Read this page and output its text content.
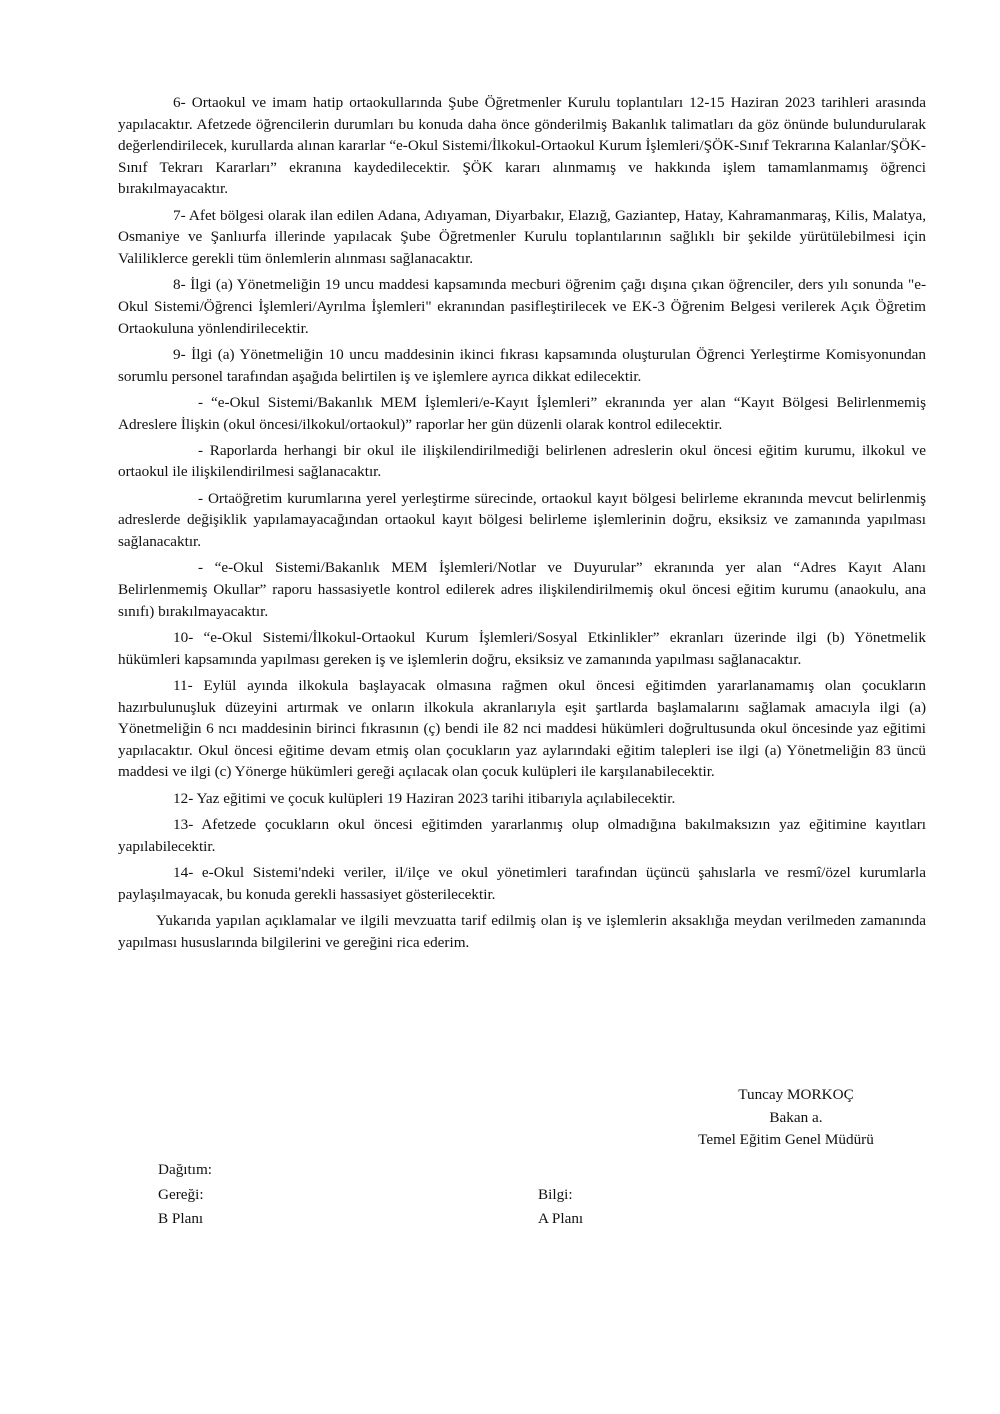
6- Ortaokul ve imam hatip ortaokullarında Şube Öğretmenler Kurulu toplantıları 12-15 Haziran 2023 tarihleri arasında yapılacaktır. Afetzede öğrencilerin durumları bu konuda daha önce gönderilmiş Bakanlık talimatları da göz önünde bulundurularak değerlendirilecek, kurullarda alınan kararlar “e-Okul Sistemi/İlkokul-Ortaokul Kurum İşlemleri/ŞÖK-Sınıf Tekrarına Kalanlar/ŞÖK-Sınıf Tekrarı Kararları” ekranına kaydedilecektir. ŞÖK kararı alınmamış ve hakkında işlem tamamlanmamış öğrenci bırakılmayacaktır.

7- Afet bölgesi olarak ilan edilen Adana, Adıyaman, Diyarbakır, Elazığ, Gaziantep, Hatay, Kahramanmaraş, Kilis, Malatya, Osmaniye ve Şanlıurfa illerinde yapılacak Şube Öğretmenler Kurulu toplantılarının sağlıklı bir şekilde yürütülebilmesi için Valiliklerce gerekli tüm önlemlerin alınması sağlanacaktır.

8- İlgi (a) Yönetmeliğin 19 uncu maddesi kapsamında mecburi öğrenim çağı dışına çıkan öğrenciler, ders yılı sonunda "e-Okul Sistemi/Öğrenci İşlemleri/Ayrılma İşlemleri" ekranından pasifleştirilecek ve EK-3 Öğrenim Belgesi verilerek Açık Öğretim Ortaokuluna yönlendirilecektir.

9- İlgi (a) Yönetmeliğin 10 uncu maddesinin ikinci fıkrası kapsamında oluşturulan Öğrenci Yerleştirme Komisyonundan sorumlu personel tarafından aşağıda belirtilen iş ve işlemlere ayrıca dikkat edilecektir.

- “e-Okul Sistemi/Bakanlık MEM İşlemleri/e-Kayıt İşlemleri” ekranında yer alan “Kayıt Bölgesi Belirlenmemiş Adreslere İlişkin (okul öncesi/ilkokul/ortaokul)” raporlar her gün düzenli olarak kontrol edilecektir.

- Raporlarda herhangi bir okul ile ilişkilendirilmediği belirlenen adreslerin okul öncesi eğitim kurumu, ilkokul ve ortaokul ile ilişkilendirilmesi sağlanacaktır.

- Ortaöğretim kurumlarına yerel yerleştirme sürecinde, ortaokul kayıt bölgesi belirleme ekranında mevcut belirlenmiş adreslerde değişiklik yapılamayacağından ortaokul kayıt bölgesi belirleme işlemlerinin doğru, eksiksiz ve zamanında yapılması sağlanacaktır.

- “e-Okul Sistemi/Bakanlık MEM İşlemleri/Notlar ve Duyurular” ekranında yer alan “Adres Kayıt Alanı Belirlenmemiş Okullar” raporu hassasiyetle kontrol edilerek adres ilişkilendirilmemiş okul öncesi eğitim kurumu (anaokulu, ana sınıfı) bırakılmayacaktır.

10- “e-Okul Sistemi/İlkokul-Ortaokul Kurum İşlemleri/Sosyal Etkinlikler” ekranları üzerinde ilgi (b) Yönetmelik hükümleri kapsamında yapılması gereken iş ve işlemlerin doğru, eksiksiz ve zamanında yapılması sağlanacaktır.

11- Eylül ayında ilkokula başlayacak olmasına rağmen okul öncesi eğitimden yararlanamamış olan çocukların hazırbulunuşluk düzeyini artırmak ve onların ilkokula akranlarıyla eşit şartlarda başlamalarını sağlamak amacıyla ilgi (a) Yönetmeliğin 6 ncı maddesinin birinci fıkrasının (ç) bendi ile 82 nci maddesi hükümleri doğrultusunda okul öncesinde yaz eğitimi yapılacaktır. Okul öncesi eğitime devam etmiş olan çocukların yaz aylarındaki eğitim talepleri ise ilgi (a) Yönetmeliğin 83 üncü maddesi ve ilgi (c) Yönerge hükümleri gereği açılacak olan çocuk kulüpleri ile karşılanabilecektir.

12- Yaz eğitimi ve çocuk kulüpleri 19 Haziran 2023 tarihi itibarıyla açılabilecektir.

13- Afetzede çocukların okul öncesi eğitimden yararlanmış olup olmadığına bakılmaksızın yaz eğitimine kayıtları yapılabilecektir.

14- e-Okul Sistemi'ndeki veriler, il/ilçe ve okul yönetimleri tarafından üçüncü şahıslarla ve resmî/özel kurumlarla paylaşılmayacak, bu konuda gerekli hassasiyet gösterilecektir.

Yukarıda yapılan açıklamalar ve ilgili mevzuatta tarif edilmiş olan iş ve işlemlerin aksaklığa meydan verilmeden zamanında yapılması hususlarında bilgilerini ve gereğini rica ederim.

Tuncay MORKOÇ
Bakan a.
Temel Eğitim Genel Müdürü
Dağıtım:
Gereği:	Bilgi:
B Planı	A Planı
